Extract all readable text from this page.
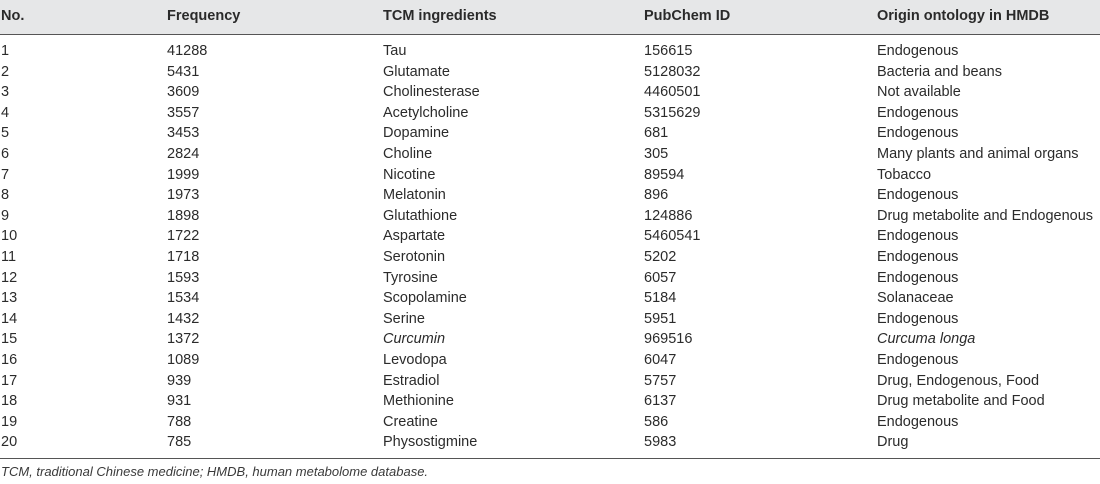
No.	Frequency	TCM ingredients	PubChem ID	Origin ontology in HMDB
1	41288	Tau	156615	Endogenous
2	5431	Glutamate	5128032	Bacteria and beans
3	3609	Cholinesterase	4460501	Not available
4	3557	Acetylcholine	5315629	Endogenous
5	3453	Dopamine	681	Endogenous
6	2824	Choline	305	Many plants and animal organs
7	1999	Nicotine	89594	Tobacco
8	1973	Melatonin	896	Endogenous
9	1898	Glutathione	124886	Drug metabolite and Endogenous
10	1722	Aspartate	5460541	Endogenous
11	1718	Serotonin	5202	Endogenous
12	1593	Tyrosine	6057	Endogenous
13	1534	Scopolamine	5184	Solanaceae
14	1432	Serine	5951	Endogenous
15	1372	Curcumin	969516	Curcuma longa
16	1089	Levodopa	6047	Endogenous
17	939	Estradiol	5757	Drug, Endogenous, Food
18	931	Methionine	6137	Drug metabolite and Food
19	788	Creatine	586	Endogenous
20	785	Physostigmine	5983	Drug
TCM, traditional Chinese medicine; HMDB, human metabolome database.
